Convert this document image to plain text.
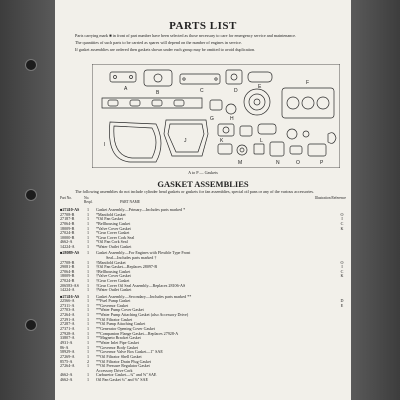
PARTS LIST

Parts carrying mark ■ in front of part number have been selected as those necessary to care for emergency service and maintenance.

The quantities of such parts to be carried as spares will depend on the number of engines in service.

If gasket assemblies are ordered then gaskets shown under each group may be omitted to avoid duplication.

A
B	C	D
E
F
G	H
I
J	K	L
M	N	O	P
A to P — Gaskets
GASKET ASSEMBLIES

The following assemblies do not include cylinder head gaskets or gaskets for fan assemblies, special oil pans or any of the various accessories.

Part No.	No. Reqd.	PART NAME
Illustration Reference
■27410-AS	1	Gasket Assembly—Primary—Includes parts marked *
27708-B	1	*Manifold Gasket	O
27187-B	1	*Oil Pan Gasket	I
27064-B	1	*Bellhousing Gasket	C
18009-B	1	*Valve Cover Gasket	K
27024-B	1	*Gear Cover Gasket
10000-B	1	*Gear Cover Cork Seal
4662-A	1	*Oil Pan Cork Seal
14224-A	1	*Water Outlet Gasket
■28089-AS	1	Gasket Assembly—For Engines with Flexible Type Front
Seal—Includes parts marked †
27708-B	1	†Manifold Gasket	O
29081-B	1	†Oil Pan Gasket—Replaces 28097-B	I
27064-B	1	†Bellhousing Gasket	C
18009-B	1	†Valve Cover Gasket	K
27024-B	1	†Gear Cover Gasket
206583-AS	1	†Gear Cover Oil Seal Assembly—Replaces 28106-AS
14224-A	1	†Water Outlet Gasket
■27416-AS	1	Gasket Assembly—Secondary—Includes parts marked **
22566-A	1	**Fuel Pump Gasket	D
27311-A	1	**Governor Gasket	E
27703-A	1	**Water Pump Cover Gasket
27264-A	1	**Water Pump Attaching Gasket (also Accessory Drive)
27291-A	1	**Oil Filtrator Gasket
27287-A	1	**Oil Pump Attaching Gasket
27371-A	1	**Generator Opening Cover Gasket
27928-A	1	**Companion Flange Gasket—Replaces 27928-A
33807-A	1	**Magneto Bracket Gasket
4931-A	1	**Water Inlet Pipe Gasket
86-A	1	**Governor Body Gasket
58929-A	1	**Governor Valve Box Gasket—1" SAE
27269-A	1	**Oil Filtrator Shell Gasket
8575-A	2	**Oil Filtrator Drain Plug Gasket
27264-A	1	**Oil Pressure Regulator Gasket
Accessory Drive Cork
4662-A	1	Carburetor Gasket—¾" and ⅝" SAE
4662-A	1	Oil Pan Gasket ¾" and ⅝" SAE
